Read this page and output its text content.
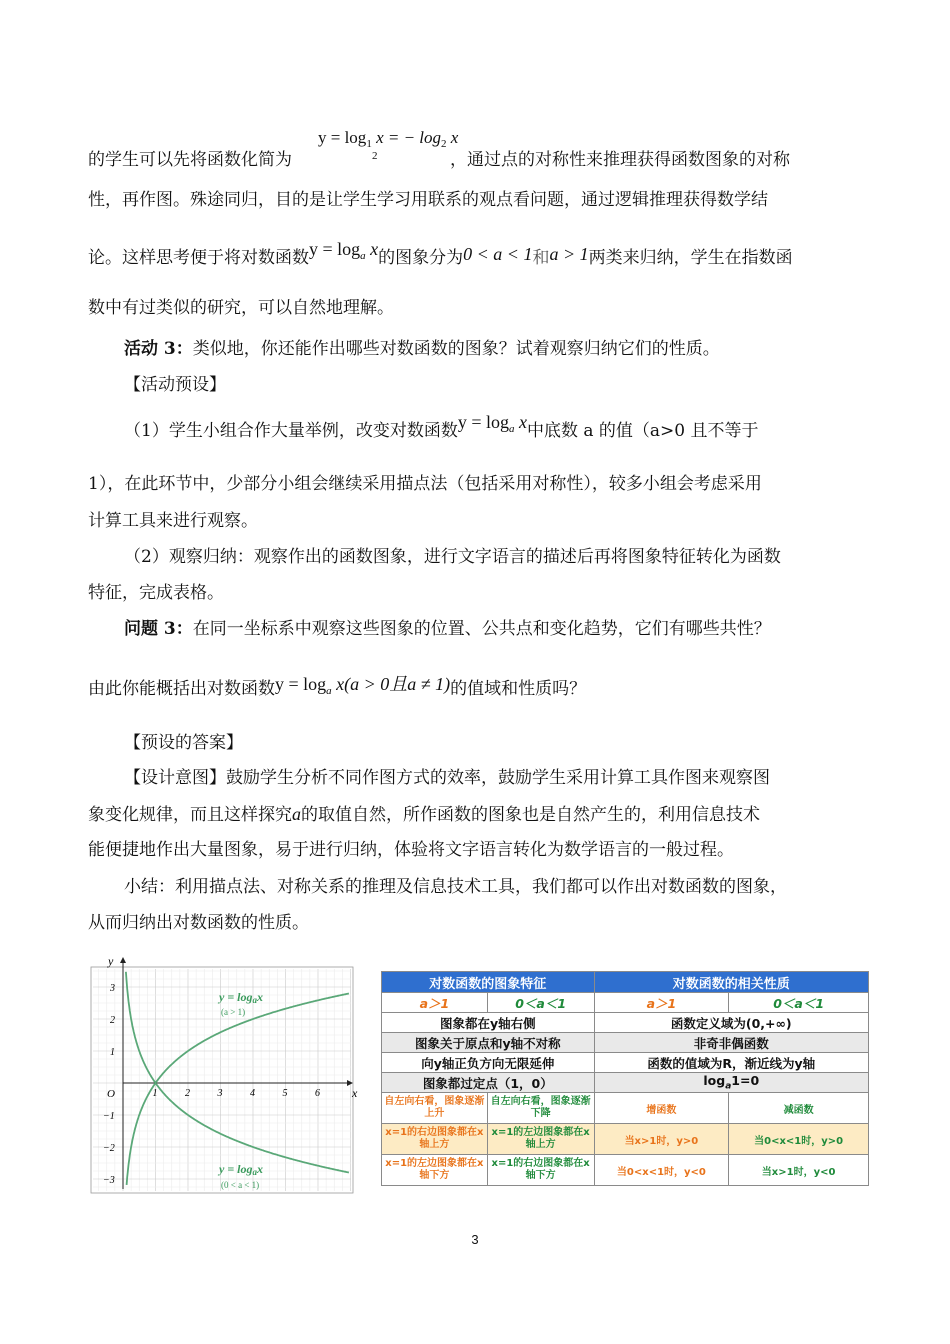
$y = \log_1 x$ = − $\log_2 x$
2
的学生可以先将函数化简为	，通过点的对称性来推理获得函数图象的对称
性，再作图。殊途同归，目的是让学生学习用联系的观点看问题，通过逻辑推理获得数学结
论。这样思考便于将对数函数$y = \log_a x$的图象分为0 < a < 1和a > 1两类来归纳，学生在指数函
数中有过类似的研究，可以自然地理解。
活动 3：类似地，你还能作出哪些对数函数的图象？试着观察归纳它们的性质。
【活动预设】
（1）学生小组合作大量举例，改变对数函数$y = \log_a x$中底数 a 的值（a>0 且不等于
1），在此环节中，少部分小组会继续采用描点法（包括采用对称性），较多小组会考虑采用
计算工具来进行观察。
（2）观察归纳：观察作出的函数图象，进行文字语言的描述后再将图象特征转化为函数
特征，完成表格。
问题 3：在同一坐标系中观察这些图象的位置、公共点和变化趋势，它们有哪些共性？
由此你能概括出对数函数$y = \log_a x(a > 0$且a ≠ 1)的值域和性质吗？
【预设的答案】
【设计意图】鼓励学生分析不同作图方式的效率，鼓励学生采用计算工具作图来观察图
象变化规律，而且这样探究a的取值自然，所作函数的图象也是自然产生的，利用信息技术
能便捷地作出大量图象，易于进行归纳，体验将文字语言转化为数学语言的一般过程。
小结：利用描点法、对称关系的推理及信息技术工具，我们都可以作出对数函数的图象，
从而归纳出对数函数的性质。
y
x
O	1	2	3	4	5	6
3
2
1
−1
−2
−3
y = logax
(a > 1)
y = logax
(0 < a < 1)
对数函数的图象特征		对数函数的相关性质	
a＞1	0＜a＜1	a＞1	0＜a＜1
图象都在y轴右侧		函数定义域为(0,+∞)	
图象关于原点和y轴不对称		非奇非偶函数	
向y轴正负方向无限延伸		函数的值域为R，渐近线为y轴	
图象都过定点（1，0）		$\log_a1=0$	
自左向右看，图象逐渐上升	自左向右看，图象逐渐下降	增函数	减函数
x=1的右边图象都在x轴上方	x=1的左边图象都在x轴上方	当x>1时，y>0	当0<x<1时，y>0
x=1的左边图象都在x轴下方	x=1的右边图象都在x轴下方	当0<x<1时，y<0	当x>1时，y<0
3
